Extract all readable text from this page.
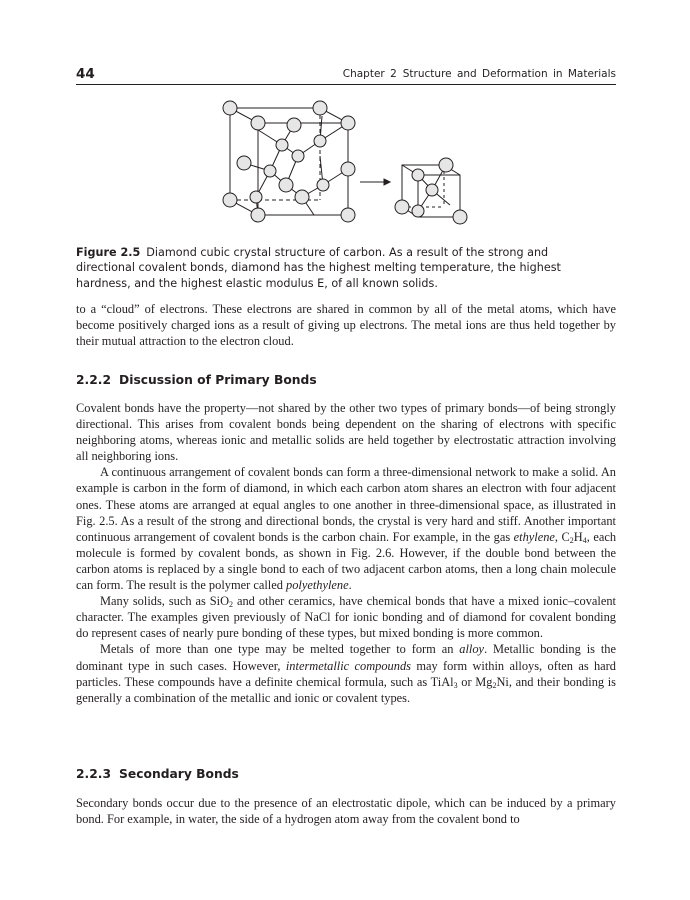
44	Chapter 2 Structure and Deformation in Materials
Figure 2.5 Diamond cubic crystal structure of carbon. As a result of the strong and directional covalent bonds, diamond has the highest melting temperature, the highest hardness, and the highest elastic modulus E, of all known solids.

to a “cloud” of electrons. These electrons are shared in common by all of the metal atoms, which have become positively charged ions as a result of giving up electrons. The metal ions are thus held together by their mutual attraction to the electron cloud.

2.2.2 Discussion of Primary Bonds

Covalent bonds have the property—not shared by the other two types of primary bonds—of being strongly directional. This arises from covalent bonds being dependent on the sharing of electrons with specific neighboring atoms, whereas ionic and metallic solids are held together by electrostatic attraction involving all neighboring ions.

A continuous arrangement of covalent bonds can form a three-dimensional network to make a solid. An example is carbon in the form of diamond, in which each carbon atom shares an electron with four adjacent ones. These atoms are arranged at equal angles to one another in three-dimensional space, as illustrated in Fig. 2.5. As a result of the strong and directional bonds, the crystal is very hard and stiff. Another important continuous arrangement of covalent bonds is the carbon chain. For example, in the gas ethylene, $C_2H_4$, each molecule is formed by covalent bonds, as shown in Fig. 2.6. However, if the double bond between the carbon atoms is replaced by a single bond to each of two adjacent carbon atoms, then a long chain molecule can form. The result is the polymer called polyethylene.

Many solids, such as SiO$_2$ and other ceramics, have chemical bonds that have a mixed ionic–covalent character. The examples given previously of NaCl for ionic bonding and of diamond for covalent bonding do represent cases of nearly pure bonding of these types, but mixed bonding is more common.

Metals of more than one type may be melted together to form an alloy. Metallic bonding is the dominant type in such cases. However, intermetallic compounds may form within alloys, often as hard particles. These compounds have a definite chemical formula, such as TiAl$_3$ or $Mg_2Ni$, and their bonding is generally a combination of the metallic and ionic or covalent types.

2.2.3 Secondary Bonds

Secondary bonds occur due to the presence of an electrostatic dipole, which can be induced by a primary bond. For example, in water, the side of a hydrogen atom away from the covalent bond to
